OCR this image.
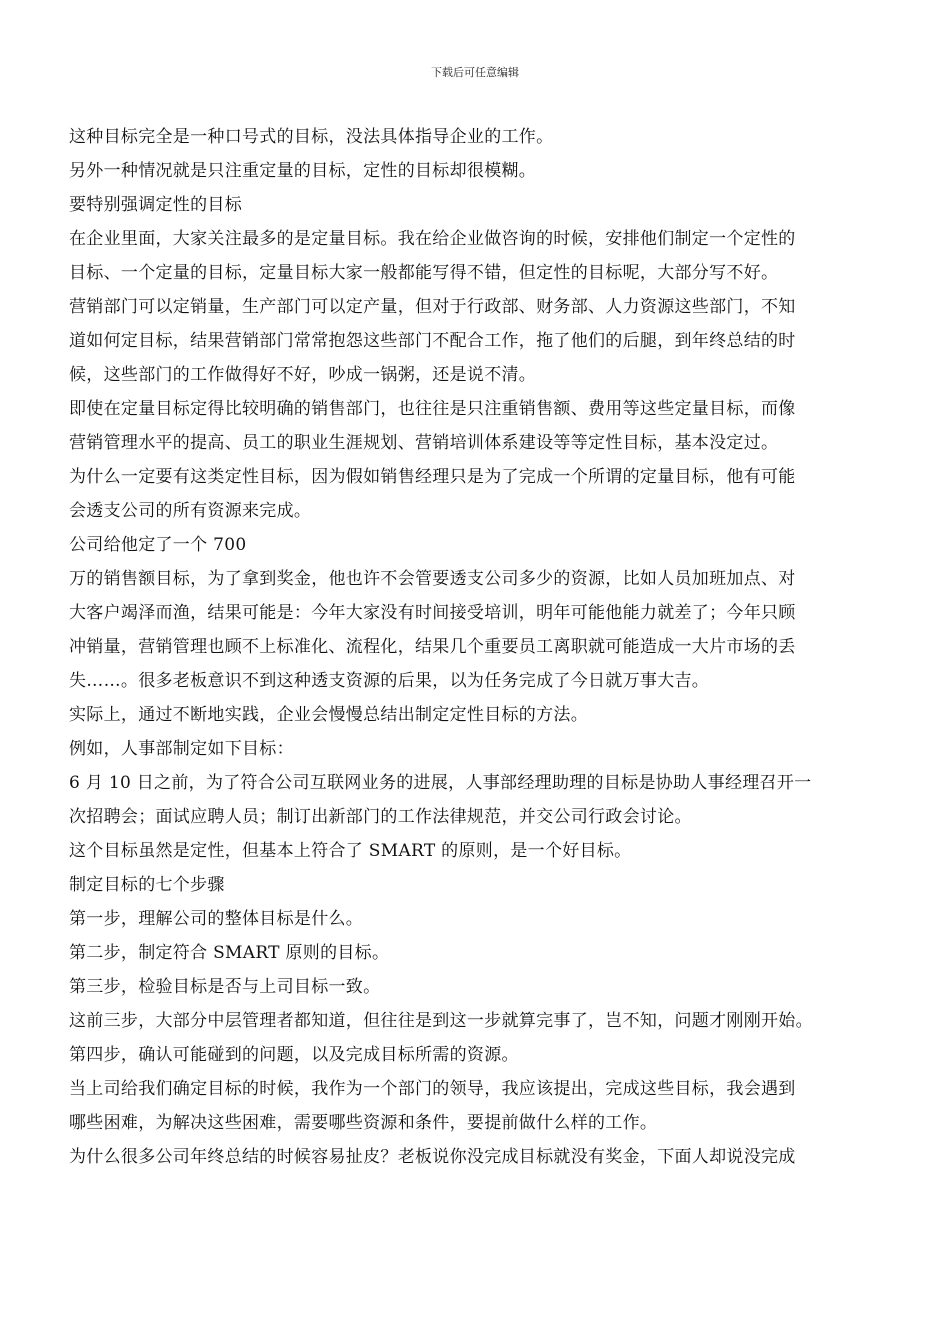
下载后可任意编辑

这种目标完全是一种口号式的目标，没法具体指导企业的工作。

另外一种情况就是只注重定量的目标，定性的目标却很模糊。

要特别强调定性的目标

在企业里面，大家关注最多的是定量目标。我在给企业做咨询的时候，安排他们制定一个定性的

目标、一个定量的目标，定量目标大家一般都能写得不错，但定性的目标呢，大部分写不好。

营销部门可以定销量，生产部门可以定产量，但对于行政部、财务部、人力资源这些部门，不知

道如何定目标，结果营销部门常常抱怨这些部门不配合工作，拖了他们的后腿，到年终总结的时

候，这些部门的工作做得好不好，吵成一锅粥，还是说不清。

即使在定量目标定得比较明确的销售部门，也往往是只注重销售额、费用等这些定量目标，而像

营销管理水平的提高、员工的职业生涯规划、营销培训体系建设等等定性目标，基本没定过。

为什么一定要有这类定性目标，因为假如销售经理只是为了完成一个所谓的定量目标，他有可能

会透支公司的所有资源来完成。

公司给他定了一个 700

万的销售额目标，为了拿到奖金，他也许不会管要透支公司多少的资源，比如人员加班加点、对

大客户竭泽而渔，结果可能是：今年大家没有时间接受培训，明年可能他能力就差了；今年只顾

冲销量，营销管理也顾不上标准化、流程化，结果几个重要员工离职就可能造成一大片市场的丢

失……。很多老板意识不到这种透支资源的后果，以为任务完成了今日就万事大吉。

实际上，通过不断地实践，企业会慢慢总结出制定定性目标的方法。

例如，人事部制定如下目标：

6 月 10 日之前，为了符合公司互联网业务的进展，人事部经理助理的目标是协助人事经理召开一

次招聘会；面试应聘人员；制订出新部门的工作法律规范，并交公司行政会讨论。

这个目标虽然是定性，但基本上符合了 SMART 的原则，是一个好目标。

制定目标的七个步骤

第一步，理解公司的整体目标是什么。

第二步，制定符合 SMART 原则的目标。

第三步，检验目标是否与上司目标一致。

这前三步，大部分中层管理者都知道，但往往是到这一步就算完事了，岂不知，问题才刚刚开始。

第四步，确认可能碰到的问题，以及完成目标所需的资源。

当上司给我们确定目标的时候，我作为一个部门的领导，我应该提出，完成这些目标，我会遇到

哪些困难，为解决这些困难，需要哪些资源和条件，要提前做什么样的工作。

为什么很多公司年终总结的时候容易扯皮？老板说你没完成目标就没有奖金，下面人却说没完成
